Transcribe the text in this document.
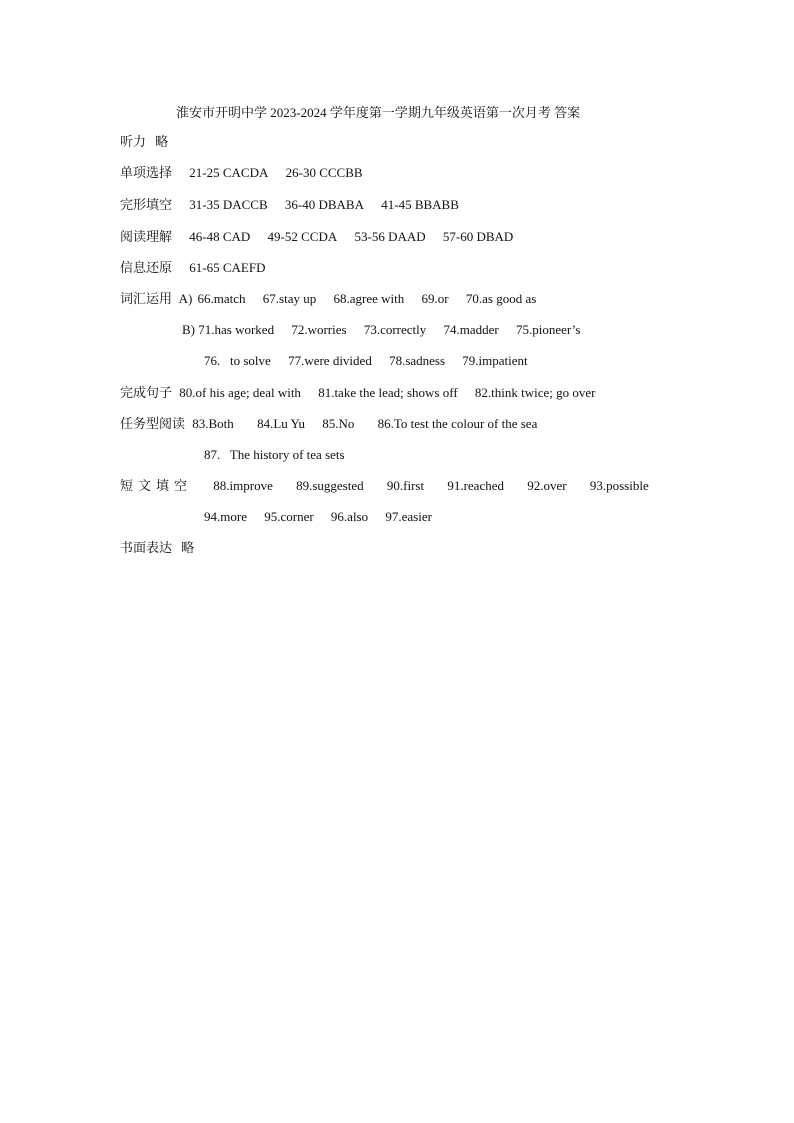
淮安市开明中学 2023-2024 学年度第一学期九年级英语第一次月考 答案
听力 略
单项选择 21-25 CACDA 26-30 CCCBB
完形填空 31-35 DACCB 36-40 DBABA 41-45 BBABB
阅读理解 46-48 CAD 49-52 CCDA 53-56 DAAD 57-60 DBAD
信息还原 61-65 CAEFD
词汇运用 A) 66.match 67.stay up 68.agree with 69.or 70.as good as
B) 71.has worked 72.worries 73.correctly 74.madder 75.pioneer’s
76.   to solve 77.were divided 78.sadness 79.impatient
完成句子 80.of his age; deal with 81.take the lead; shows off 82.think twice; go over
任务型阅读 83.Both 84.Lu Yu 85.No 86.To test the colour of the sea
87.   The history of tea sets
短文填空 88.improve 89.suggested 90.first 91.reached 92.over 93.possible
94.more 95.corner 96.also 97.easier
书面表达 略
